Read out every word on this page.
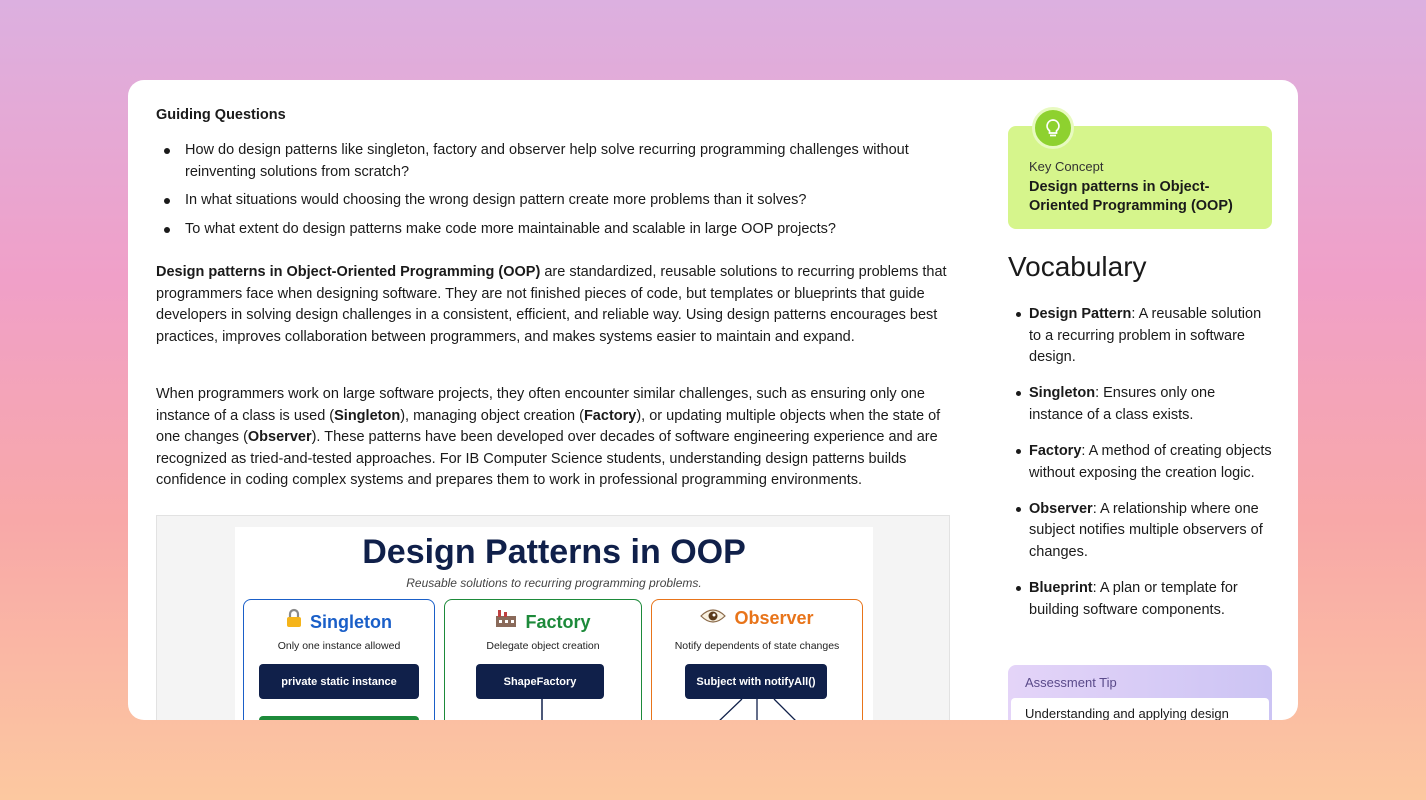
Guiding Questions
How do design patterns like singleton, factory and observer help solve recurring programming challenges without reinventing solutions from scratch?
In what situations would choosing the wrong design pattern create more problems than it solves?
To what extent do design patterns make code more maintainable and scalable in large OOP projects?

Design patterns in Object-Oriented Programming (OOP) are standardized, reusable solutions to recurring problems that programmers face when designing software. They are not finished pieces of code, but templates or blueprints that guide developers in solving design challenges in a consistent, efficient, and reliable way. Using design patterns encourages best practices, improves collaboration between programmers, and makes systems easier to maintain and expand.

When programmers work on large software projects, they often encounter similar challenges, such as ensuring only one instance of a class is used (Singleton), managing object creation (Factory), or updating multiple objects when the state of one changes (Observer). These patterns have been developed over decades of software engineering experience and are recognized as tried-and-tested approaches. For IB Computer Science students, understanding design patterns builds confidence in coding complex systems and prepares them to work in professional programming environments.

Design Patterns in OOP
Reusable solutions to recurring programming problems.
Singleton
Only one instance allowed
private static instance
Factory
Delegate object creation
ShapeFactory
Observer
Notify dependents of state changes
Subject with notifyAll()
Key Concept
Design patterns in Object-Oriented Programming (OOP)
Vocabulary
Design Pattern: A reusable solution to a recurring problem in software design.
Singleton: Ensures only one instance of a class exists.
Factory: A method of creating objects without exposing the creation logic.
Observer: A relationship where one subject notifies multiple observers of changes.
Blueprint: A plan or template for building software components.
Assessment Tip
Understanding and applying design
